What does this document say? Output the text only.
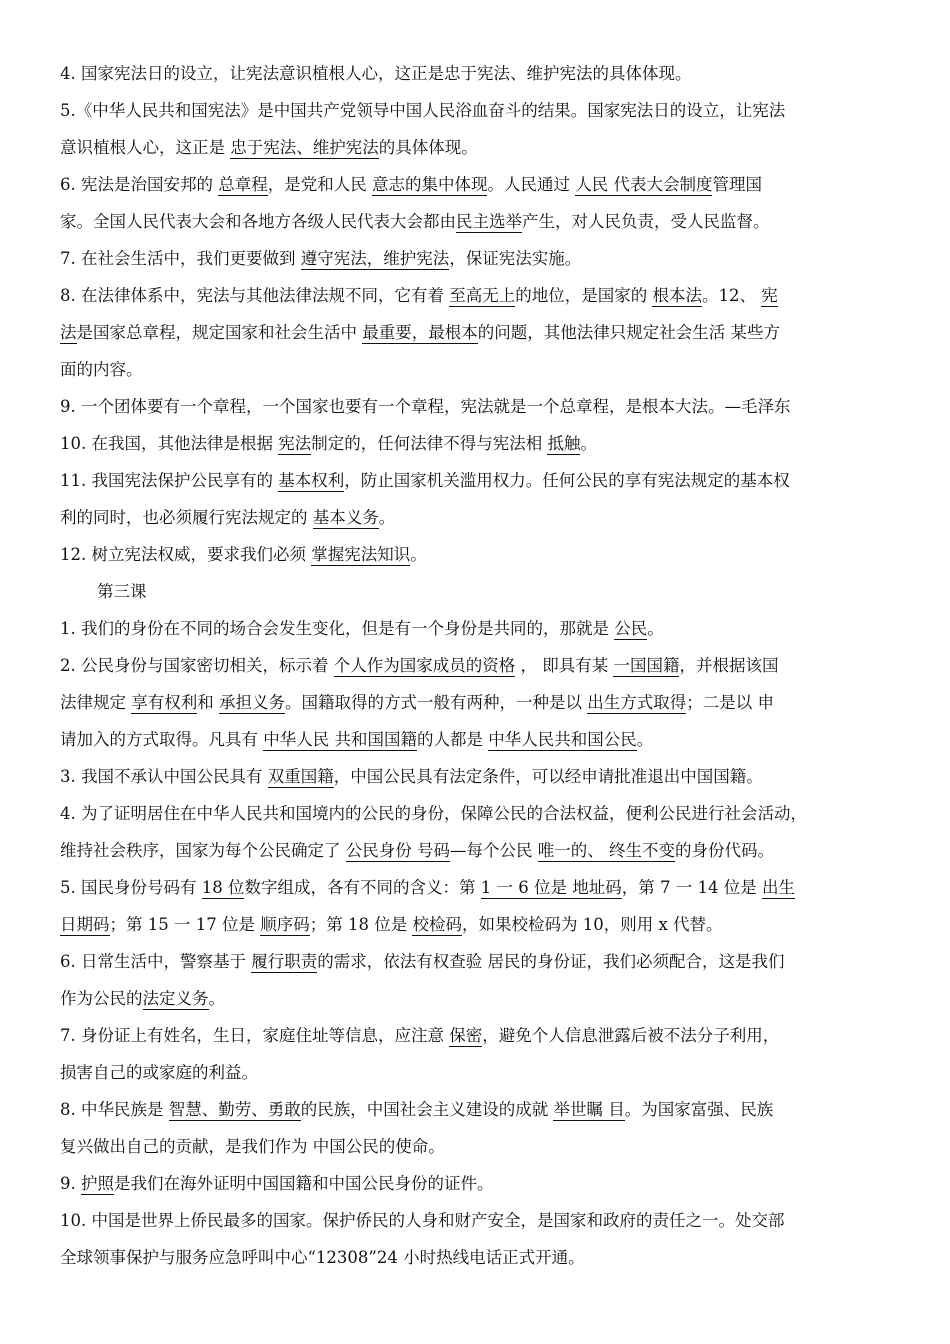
4. 国家宪法日的设立，让宪法意识植根人心，这正是忠于宪法、维护宪法的具体体现。
5.《中华人民共和国宪法》是中国共产党领导中国人民浴血奋斗的结果。国家宪法日的设立，让宪法
意识植根人心，这正是 忠于宪法、维护宪法的具体体现。
6. 宪法是治国安邦的 总章程，是党和人民 意志的集中体现。人民通过 人民 代表大会制度管理国
家。全国人民代表大会和各地方各级人民代表大会都由民主选举产生，对人民负责，受人民监督。
7. 在社会生活中，我们更要做到 遵守宪法，维护宪法，保证宪法实施。
8. 在法律体系中，宪法与其他法律法规不同，它有着 至高无上的地位，是国家的 根本法。12、 宪
法是国家总章程，规定国家和社会生活中 最重要，最根本的问题，其他法律只规定社会生活 某些方
面的内容。
9. 一个团体要有一个章程，一个国家也要有一个章程，宪法就是一个总章程，是根本大法。—毛泽东
10. 在我国，其他法律是根据 宪法制定的，任何法律不得与宪法相 抵触。
11. 我国宪法保护公民享有的 基本权利，防止国家机关滥用权力。任何公民的享有宪法规定的基本权
利的同时，也必须履行宪法规定的 基本义务。
12. 树立宪法权威，要求我们必须 掌握宪法知识。
第三课
1. 我们的身份在不同的场合会发生变化，但是有一个身份是共同的，那就是 公民。
2. 公民身份与国家密切相关，标示着 个人作为国家成员的资格 ， 即具有某 一国国籍，并根据该国
法律规定 享有权利和 承担义务。国籍取得的方式一般有两种，一种是以 出生方式取得；二是以 申
请加入的方式取得。凡具有 中华人民 共和国国籍的人都是 中华人民共和国公民。
3. 我国不承认中国公民具有 双重国籍，中国公民具有法定条件，可以经申请批准退出中国国籍。
4. 为了证明居住在中华人民共和国境内的公民的身份，保障公民的合法权益，便利公民进行社会活动，
维持社会秩序，国家为每个公民确定了 公民身份 号码—每个公民 唯一的、 终生不变的身份代码。
5. 国民身份号码有 18 位数字组成，各有不同的含义：第 1 一 6 位是 地址码，第 7 一 14 位是 出生
日期码；第 15 一 17 位是 顺序码；第 18 位是 校检码，如果校检码为 10，则用 x 代替。
6. 日常生活中，警察基于 履行职责的需求，依法有权查验 居民的身份证，我们必须配合，这是我们
作为公民的法定义务。
7. 身份证上有姓名，生日，家庭住址等信息，应注意 保密，避免个人信息泄露后被不法分子利用，
损害自己的或家庭的利益。
8. 中华民族是 智慧、勤劳、勇敢的民族，中国社会主义建设的成就 举世瞩 目。为国家富强、民族
复兴做出自己的贡献，是我们作为 中国公民的使命。
9. 护照是我们在海外证明中国国籍和中国公民身份的证件。
10. 中国是世界上侨民最多的国家。保护侨民的人身和财产安全，是国家和政府的责任之一。处交部
全球领事保护与服务应急呼叫中心“12308”24 小时热线电话正式开通。
